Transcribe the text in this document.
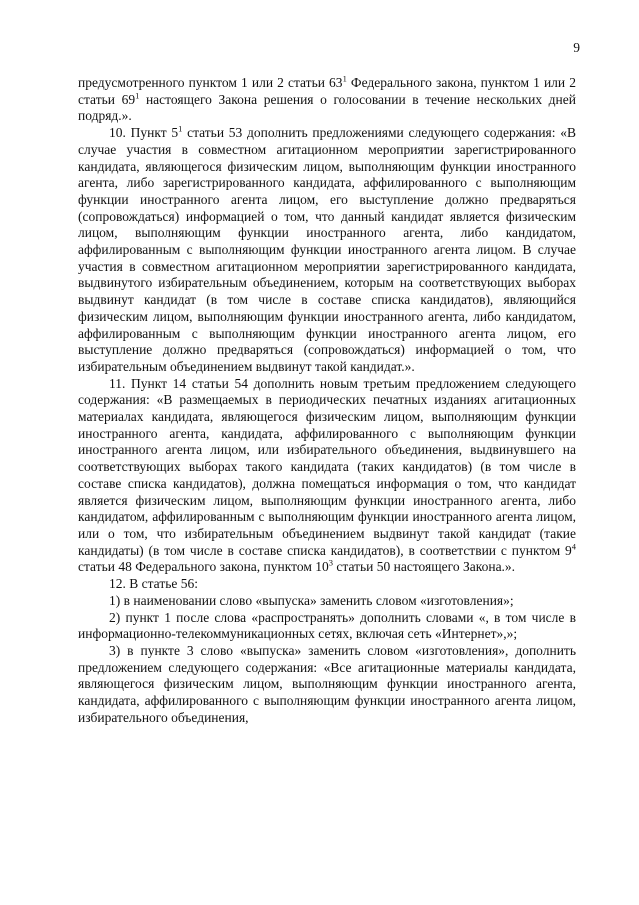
9

предусмотренного пунктом 1 или 2 статьи $63^1$ Федерального закона, пунктом 1 или 2 статьи $69^1$ настоящего Закона решения о голосовании в течение нескольких дней подряд.».

10. Пункт $5^1$ статьи 53 дополнить предложениями следующего содержания: «В случае участия в совместном агитационном мероприятии зарегистрированного кандидата, являющегося физическим лицом, выполняющим функции иностранного агента, либо зарегистрированного кандидата, аффилированного с выполняющим функции иностранного агента лицом, его выступление должно предваряться (сопровождаться) информацией о том, что данный кандидат является физическим лицом, выполняющим функции иностранного агента, либо кандидатом, аффилированным с выполняющим функции иностранного агента лицом. В случае участия в совместном агитационном мероприятии зарегистрированного кандидата, выдвинутого избирательным объединением, которым на соответствующих выборах выдвинут кандидат (в том числе в составе списка кандидатов), являющийся физическим лицом, выполняющим функции иностранного агента, либо кандидатом, аффилированным с выполняющим функции иностранного агента лицом, его выступление должно предваряться (сопровождаться) информацией о том, что избирательным объединением выдвинут такой кандидат.».

11. Пункт 14 статьи 54 дополнить новым третьим предложением следующего содержания: «В размещаемых в периодических печатных изданиях агитационных материалах кандидата, являющегося физическим лицом, выполняющим функции иностранного агента, кандидата, аффилированного с выполняющим функции иностранного агента лицом, или избирательного объединения, выдвинувшего на соответствующих выборах такого кандидата (таких кандидатов) (в том числе в составе списка кандидатов), должна помещаться информация о том, что кандидат является физическим лицом, выполняющим функции иностранного агента, либо кандидатом, аффилированным с выполняющим функции иностранного агента лицом, или о том, что избирательным объединением выдвинут такой кандидат (такие кандидаты) (в том числе в составе списка кандидатов), в соответствии с пунктом $9^4$ статьи 48 Федерального закона, пунктом $10^3$ статьи 50 настоящего Закона.».

12. В статье 56:

1) в наименовании слово «выпуска» заменить словом «изготовления»;

2) пункт 1 после слова «распространять» дополнить словами «, в том числе в информационно-телекоммуникационных сетях, включая сеть «Интернет»,»;

3) в пункте 3 слово «выпуска» заменить словом «изготовления», дополнить предложением следующего содержания: «Все агитационные материалы кандидата, являющегося физическим лицом, выполняющим функции иностранного агента, кандидата, аффилированного с выполняющим функции иностранного агента лицом, избирательного объединения,
